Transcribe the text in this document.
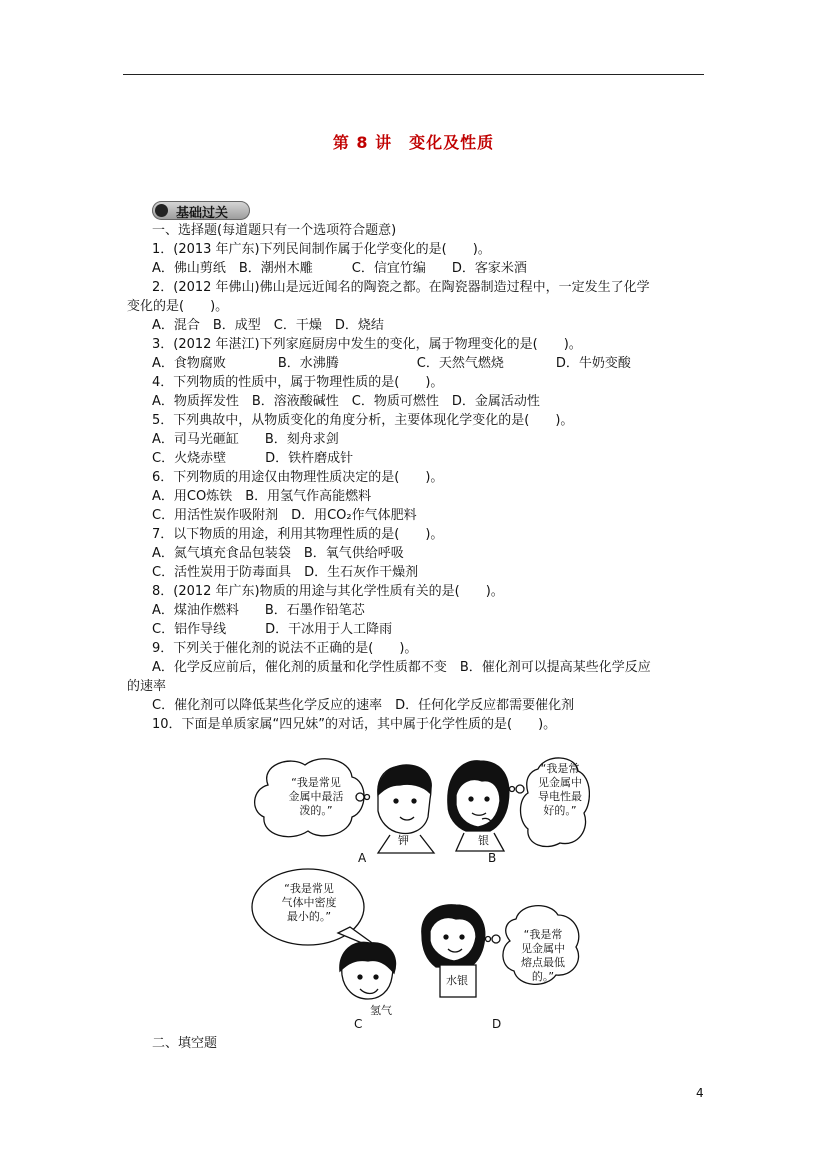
第 8 讲　变化及性质
基础过关
一、选择题(每道题只有一个选项符合题意)
1．(2013 年广东)下列民间制作属于化学变化的是(　　)。
A．佛山剪纸　B．潮州木雕　　　C．信宜竹编　　D．客家米酒
2．(2012 年佛山)佛山是远近闻名的陶瓷之都。在陶瓷器制造过程中，一定发生了化学
变化的是(　　)。
A．混合　B．成型　C．干燥　D．烧结
3．(2012 年湛江)下列家庭厨房中发生的变化，属于物理变化的是(　　)。
A．食物腐败　　　　B．水沸腾　　　　　　C．天然气燃烧　　　　D．牛奶变酸
4．下列物质的性质中，属于物理性质的是(　　)。
A．物质挥发性　B．溶液酸碱性　C．物质可燃性　D．金属活动性
5．下列典故中，从物质变化的角度分析，主要体现化学变化的是(　　)。
A．司马光砸缸　　B．刻舟求剑
C．火烧赤壁　　　D．铁杵磨成针
6．下列物质的用途仅由物理性质决定的是(　　)。
A．用CO炼铁　B．用氢气作高能燃料
C．用活性炭作吸附剂　D．用CO₂作气体肥料
7．以下物质的用途，利用其物理性质的是(　　)。
A．氮气填充食品包装袋　B．氧气供给呼吸
C．活性炭用于防毒面具　D．生石灰作干燥剂
8．(2012 年广东)物质的用途与其化学性质有关的是(　　)。
A．煤油作燃料　　B．石墨作铅笔芯
C．铝作导线　　　D．干冰用于人工降雨
9．下列关于催化剂的说法不正确的是(　　)。
A．化学反应前后，催化剂的质量和化学性质都不变　B．催化剂可以提高某些化学反应
的速率
C．催化剂可以降低某些化学反应的速率　D．任何化学反应都需要催化剂
10．下面是单质家属“四兄妹”的对话，其中属于化学性质的是(　　)。
“我是常见
金属中最活
泼的。”
钾	银
“我是常
见金属中
导电性最
好的。”
A	B
“我是常见
气体中密度
最小的。”
氢气
水银
“我是常
见金属中
熔点最低
的。”
C	D
二、填空题
4
